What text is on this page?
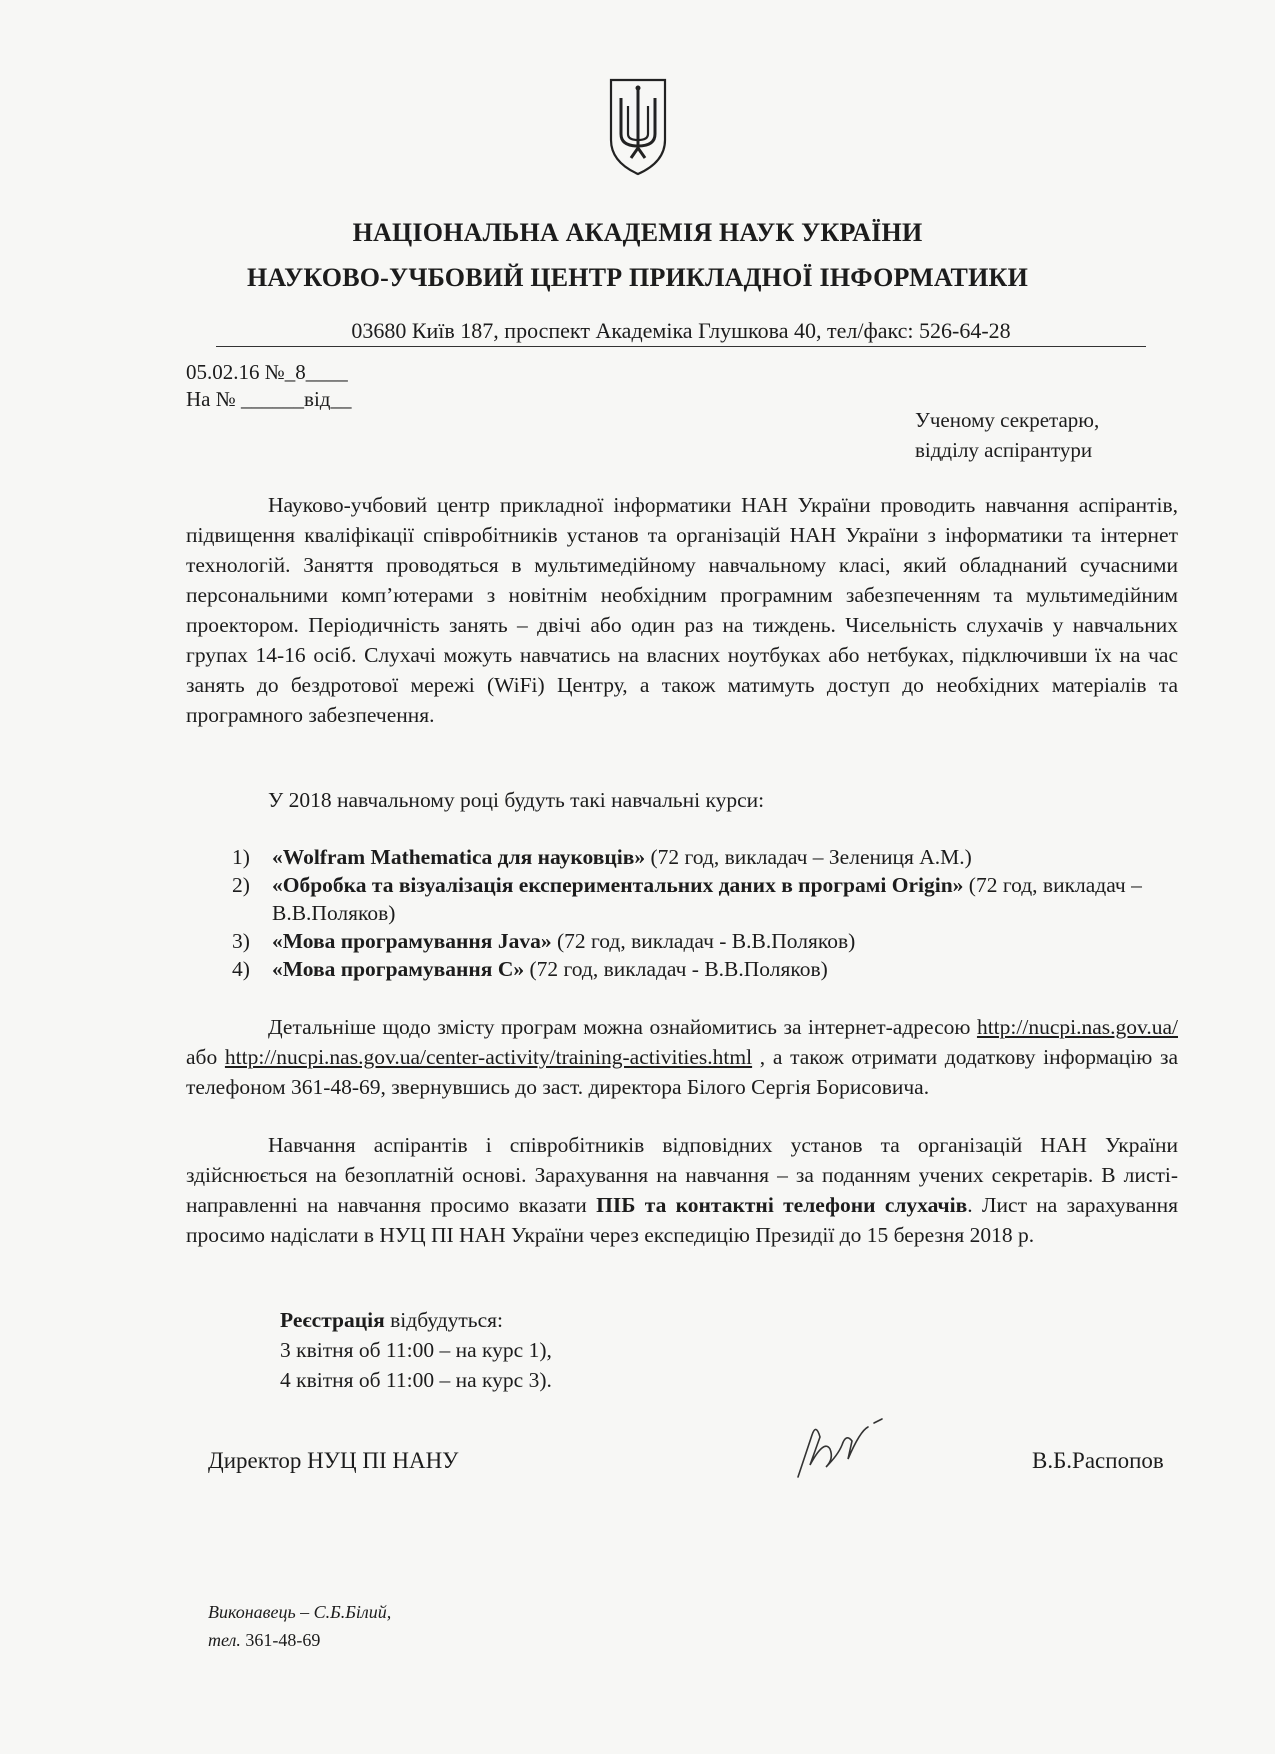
НАЦІОНАЛЬНА АКАДЕМІЯ НАУК УКРАЇНИ
НАУКОВО-УЧБОВИЙ ЦЕНТР ПРИКЛАДНОЇ ІНФОРМАТИКИ
03680 Київ 187, проспект Академіка Глушкова 40, тел/факс: 526-64-28
05.02.16 №_8____
На № ______від__
Ученому секретарю,
відділу аспірантури

Науково-учбовий центр прикладної інформатики НАН України проводить навчання аспірантів, підвищення кваліфікації співробітників установ та організацій НАН України з інформатики та інтернет технологій. Заняття проводяться в мультимедійному навчальному класі, який обладнаний сучасними персональними комп’ютерами з новітнім необхідним програмним забезпеченням та мультимедійним проектором. Періодичність занять – двічі або один раз на тиждень. Чисельність слухачів у навчальних групах 14-16 осіб. Слухачі можуть навчатись на власних ноутбуках або нетбуках, підключивши їх на час занять до бездротової мережі (WiFi) Центру, а також матимуть доступ до необхідних матеріалів та програмного забезпечення.

У 2018 навчальному році будуть такі навчальні курси:

1) «Wolfram Mathematica для науковців» (72 год, викладач – Зелениця А.М.)
2) «Обробка та візуалізація експериментальних даних в програмі Origin» (72 год, викладач – В.В.Поляков)
3) «Мова програмування Java» (72 год, викладач - В.В.Поляков)
4) «Мова програмування С» (72 год, викладач - В.В.Поляков)

Детальніше щодо змісту програм можна ознайомитись за інтернет-адресою http://nucpi.nas.gov.ua/ або http://nucpi.nas.gov.ua/center-activity/training-activities.html , а також отримати додаткову інформацію за телефоном 361-48-69, звернувшись до заст. директора Білого Сергія Борисовича.

Навчання аспірантів і співробітників відповідних установ та організацій НАН України здійснюється на безоплатній основі. Зарахування на навчання – за поданням учених секретарів. В листі-направленні на навчання просимо вказати ПІБ та контактні телефони слухачів. Лист на зарахування просимо надіслати в НУЦ ПІ НАН України через експедицію Президії до 15 березня 2018 р.

Реєстрація відбудуться:
3 квітня об 11:00 – на курс 1),
4 квітня об 11:00 – на курс 3).
Директор НУЦ ПІ НАНУ	В.Б.Распопов
Виконавець – С.Б.Білий,
тел. 361-48-69
